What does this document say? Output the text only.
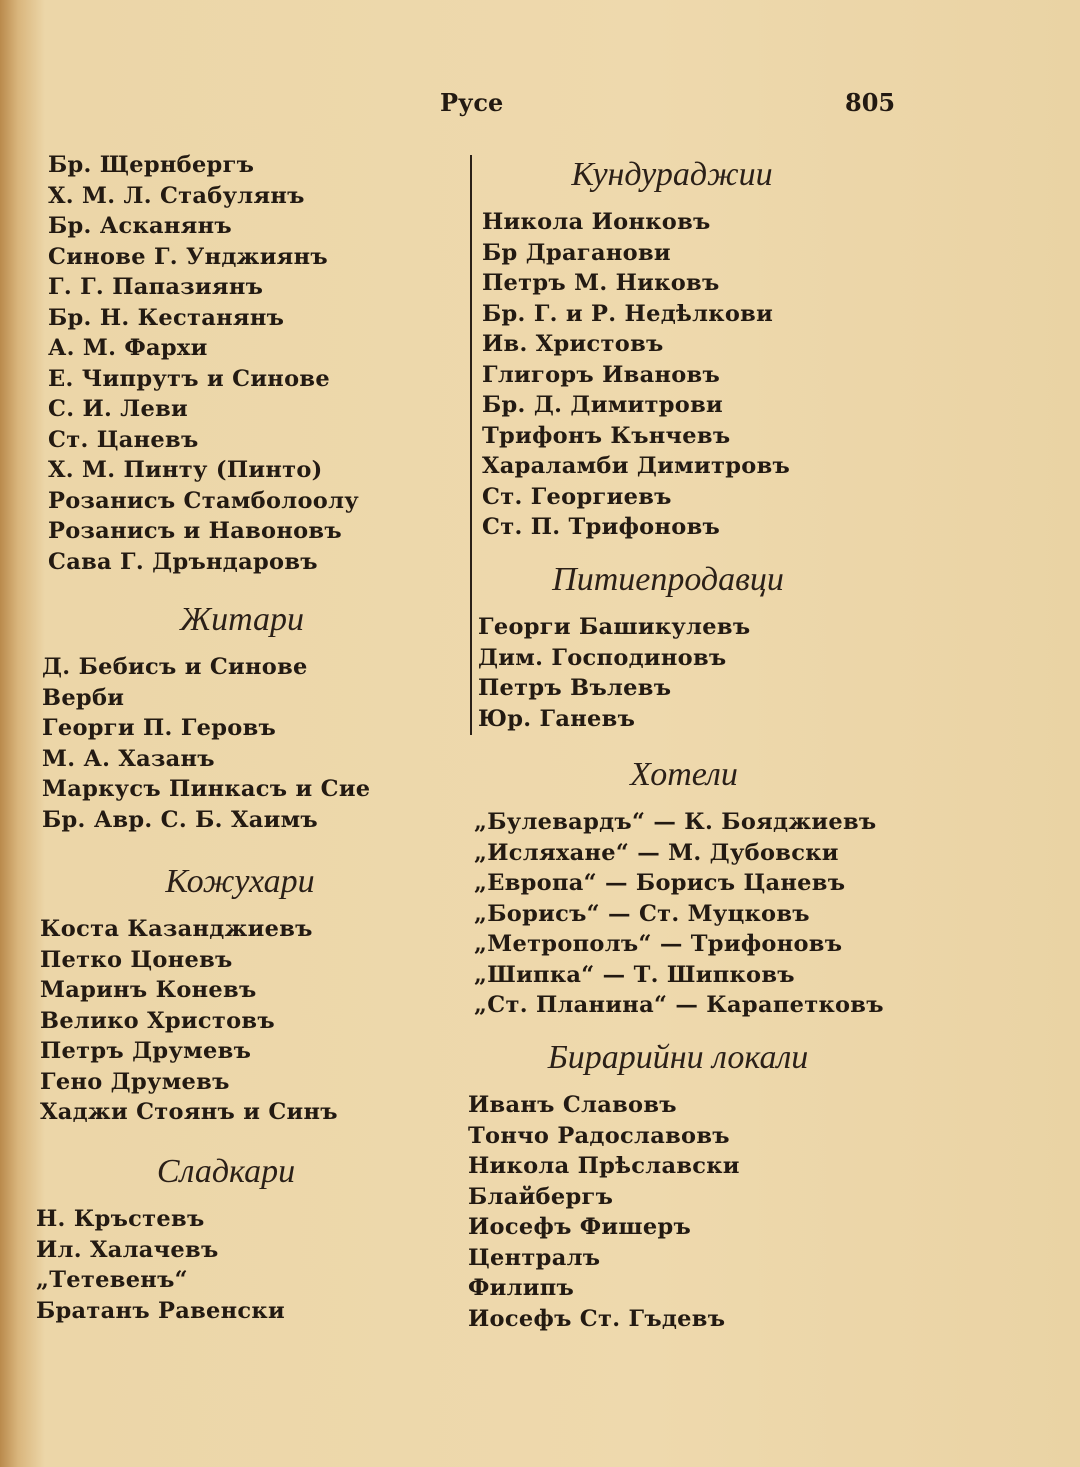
Русе	805
Бр. Щернбергъ
Х. М. Л. Стабулянъ
Бр. Асканянъ
Синове Г. Унджиянъ
Г. Г. Папазиянъ
Бр. Н. Кестанянъ
А. М. Фархи
Е. Чипрутъ и Синове
С. И. Леви
Ст. Цаневъ
Х. М. Пинту (Пинто)
Розанисъ Стамболоолу
Розанисъ и Навоновъ
Сава Г. Дръндаровъ
Житари
Д. Бебисъ и Синове
Верби
Георги П. Геровъ
М. А. Хазанъ
Маркусъ Пинкасъ и Сие
Бр. Авр. С. Б. Хаимъ
Кожухари
Коста Казанджиевъ
Петко Цоневъ
Маринъ Коневъ
Велико Христовъ
Петръ Друмевъ
Гено Друмевъ
Хаджи Стоянъ и Синъ
Сладкари
Н. Кръстевъ
Ил. Халачевъ
„Тетевенъ“
Братанъ Равенски
Кундураджии
Никола Ионковъ
Бр Драганови
Петръ М. Никовъ
Бр. Г. и Р. Недѣлкови
Ив. Христовъ
Глигоръ Ивановъ
Бр. Д. Димитрови
Трифонъ Кънчевъ
Хараламби Димитровъ
Ст. Георгиевъ
Ст. П. Трифоновъ
Питиепродавци
Георги Башикулевъ
Дим. Господиновъ
Петръ Вълевъ
Юр. Ганевъ
Хотели
„Булевардъ“ — К. Бояджиевъ
„Исляхане“ — М. Дубовски
„Европа“ — Борисъ Цаневъ
„Борисъ“ — Ст. Муцковъ
„Метрополъ“ — Трифоновъ
„Шипка“ — Т. Шипковъ
„Ст. Планина“ — Карапетковъ
Бирарийни локали
Иванъ Славовъ
Тончо Радославовъ
Никола Прѣславски
Блайбергъ
Иосефъ Фишеръ
Централъ
Филипъ
Иосефъ Ст. Гъдевъ
